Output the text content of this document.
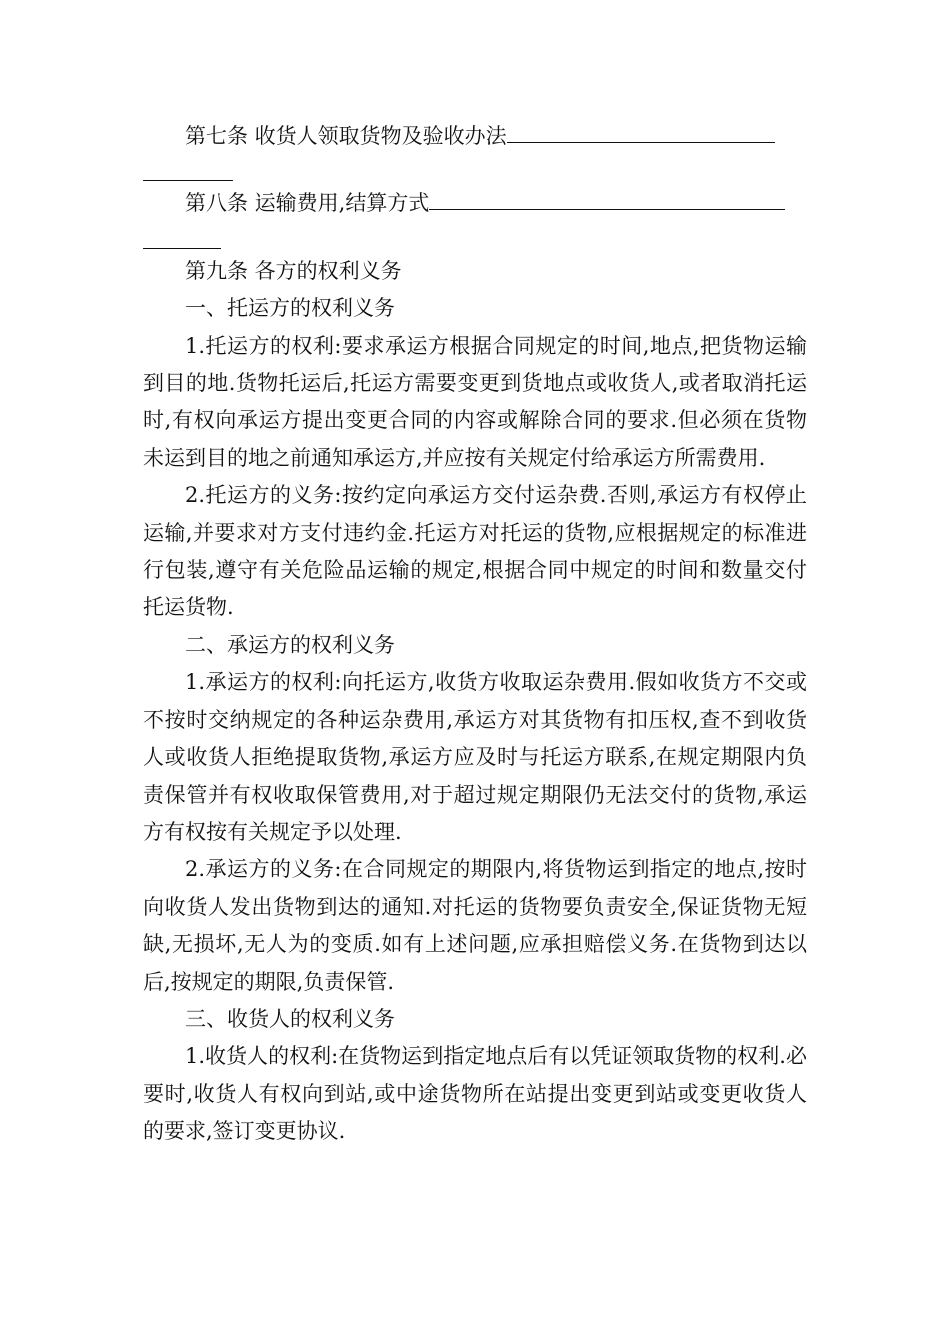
第七条 收货人领取货物及验收办法

第八条 运输费用,结算方式

第九条 各方的权利义务

一、托运方的权利义务

1.托运方的权利:要求承运方根据合同规定的时间,地点,把货物运输到目的地.货物托运后,托运方需要变更到货地点或收货人,或者取消托运时,有权向承运方提出变更合同的内容或解除合同的要求.但必须在货物未运到目的地之前通知承运方,并应按有关规定付给承运方所需费用.

2.托运方的义务:按约定向承运方交付运杂费.否则,承运方有权停止运输,并要求对方支付违约金.托运方对托运的货物,应根据规定的标准进行包装,遵守有关危险品运输的规定,根据合同中规定的时间和数量交付托运货物.

二、承运方的权利义务

1.承运方的权利:向托运方,收货方收取运杂费用.假如收货方不交或不按时交纳规定的各种运杂费用,承运方对其货物有扣压权,查不到收货人或收货人拒绝提取货物,承运方应及时与托运方联系,在规定期限内负责保管并有权收取保管费用,对于超过规定期限仍无法交付的货物,承运方有权按有关规定予以处理.

2.承运方的义务:在合同规定的期限内,将货物运到指定的地点,按时向收货人发出货物到达的通知.对托运的货物要负责安全,保证货物无短缺,无损坏,无人为的变质.如有上述问题,应承担赔偿义务.在货物到达以后,按规定的期限,负责保管.

三、收货人的权利义务

1.收货人的权利:在货物运到指定地点后有以凭证领取货物的权利.必要时,收货人有权向到站,或中途货物所在站提出变更到站或变更收货人的要求,签订变更协议.
